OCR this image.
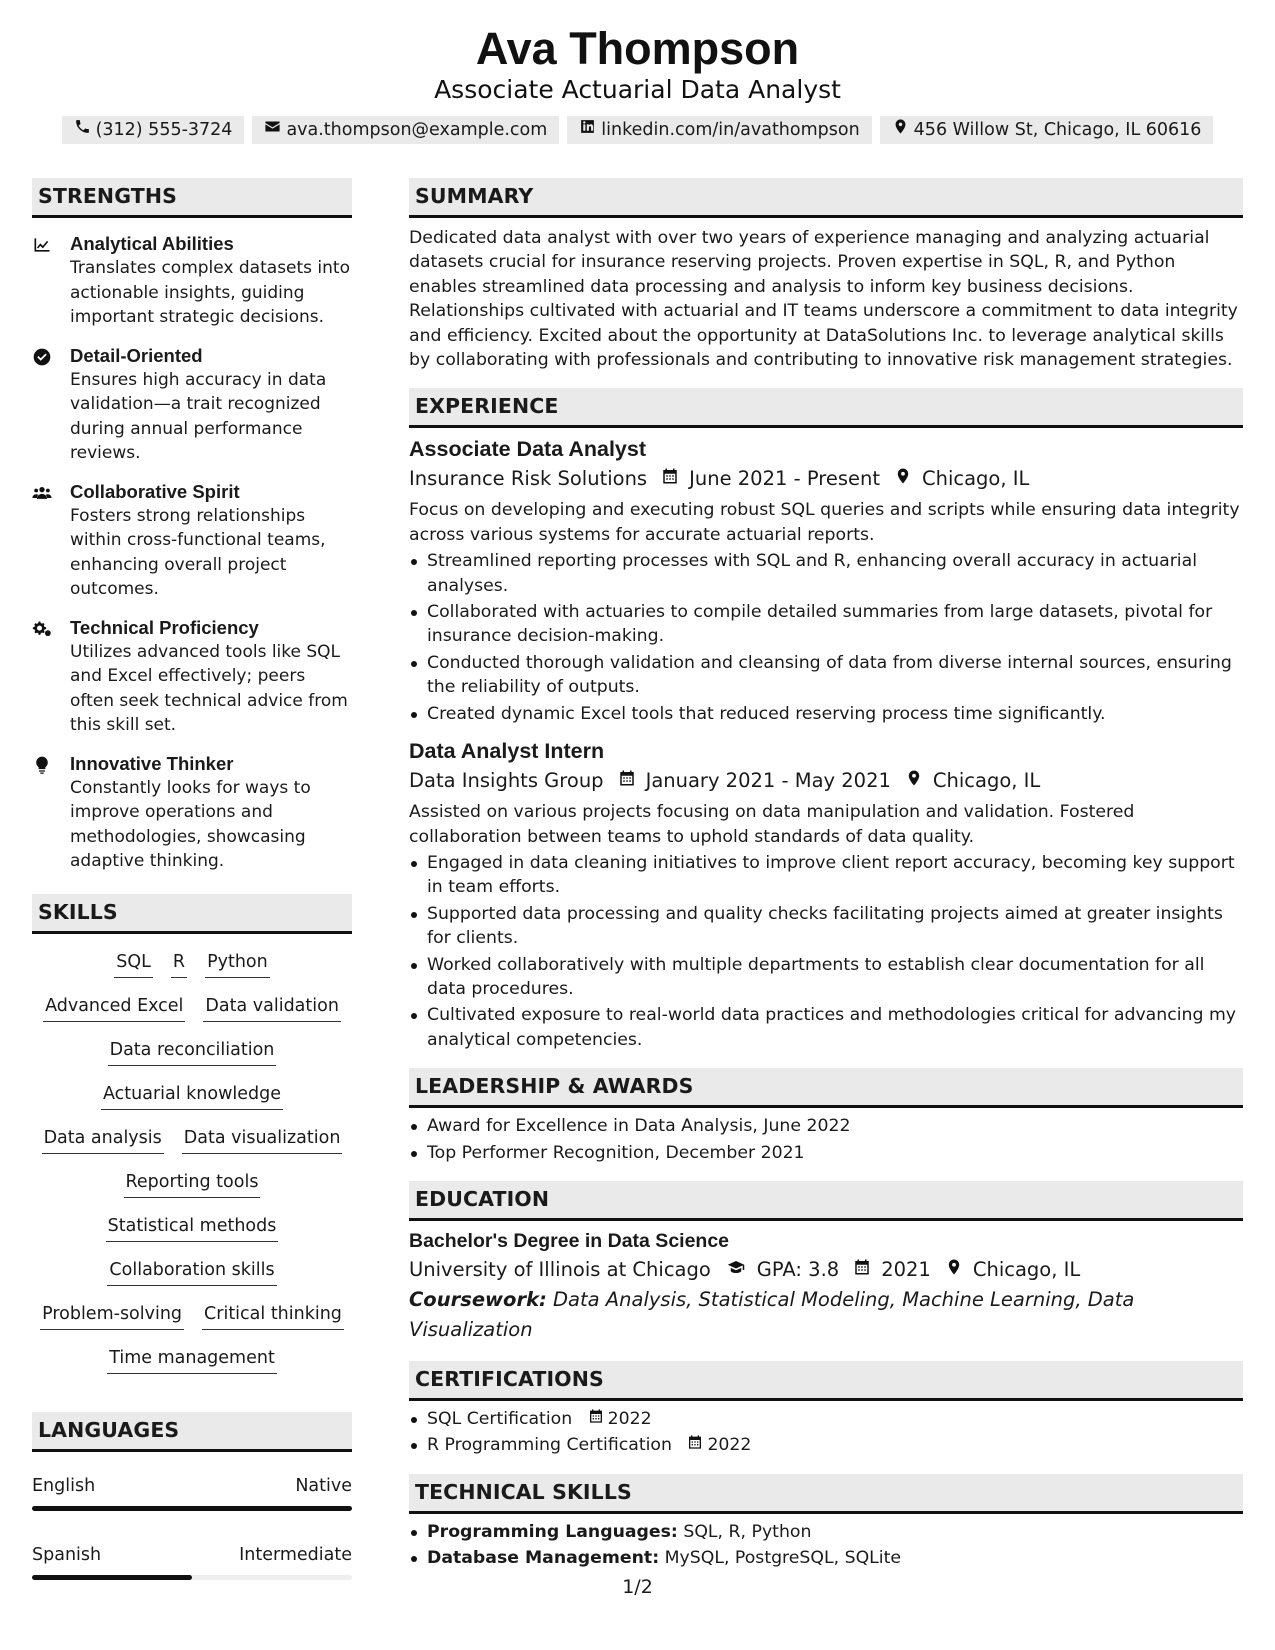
Ava Thompson
Associate Actuarial Data Analyst
(312) 555-3724	ava.thompson@example.com	linkedin.com/in/avathompson	456 Willow St, Chicago, IL 60616
STRENGTHS
Analytical Abilities
Translates complex datasets into actionable insights, guiding important strategic decisions.
Detail-Oriented
Ensures high accuracy in data validation—a trait recognized during annual performance reviews.
Collaborative Spirit
Fosters strong relationships within cross-functional teams, enhancing overall project outcomes.
Technical Proficiency
Utilizes advanced tools like SQL and Excel effectively; peers often seek technical advice from this skill set.
Innovative Thinker
Constantly looks for ways to improve operations and methodologies, showcasing adaptive thinking.
SKILLS
SQL R Python
Advanced Excel Data validation
Data reconciliation
Actuarial knowledge
Data analysis Data visualization
Reporting tools
Statistical methods
Collaboration skills
Problem-solving Critical thinking
Time management
LANGUAGES
English	Native
Spanish	Intermediate
SUMMARY
Dedicated data analyst with over two years of experience managing and analyzing actuarial datasets crucial for insurance reserving projects. Proven expertise in SQL, R, and Python enables streamlined data processing and analysis to inform key business decisions. Relationships cultivated with actuarial and IT teams underscore a commitment to data integrity and efficiency. Excited about the opportunity at DataSolutions Inc. to leverage analytical skills by collaborating with professionals and contributing to innovative risk management strategies.
EXPERIENCE
Associate Data Analyst
Insurance Risk Solutions June 2021 - Present Chicago, IL
Focus on developing and executing robust SQL queries and scripts while ensuring data integrity across various systems for accurate actuarial reports.
Streamlined reporting processes with SQL and R, enhancing overall accuracy in actuarial analyses.
Collaborated with actuaries to compile detailed summaries from large datasets, pivotal for insurance decision-making.
Conducted thorough validation and cleansing of data from diverse internal sources, ensuring the reliability of outputs.
Created dynamic Excel tools that reduced reserving process time significantly.
Data Analyst Intern
Data Insights Group January 2021 - May 2021 Chicago, IL
Assisted on various projects focusing on data manipulation and validation. Fostered collaboration between teams to uphold standards of data quality.
Engaged in data cleaning initiatives to improve client report accuracy, becoming key support in team efforts.
Supported data processing and quality checks facilitating projects aimed at greater insights for clients.
Worked collaboratively with multiple departments to establish clear documentation for all data procedures.
Cultivated exposure to real-world data practices and methodologies critical for advancing my analytical competencies.
LEADERSHIP & AWARDS
Award for Excellence in Data Analysis, June 2022
Top Performer Recognition, December 2021
EDUCATION
Bachelor's Degree in Data Science
University of Illinois at Chicago GPA: 3.8 2021 Chicago, IL
Coursework: Data Analysis, Statistical Modeling, Machine Learning, Data Visualization
CERTIFICATIONS
SQL Certification 2022
R Programming Certification 2022
TECHNICAL SKILLS
Programming Languages: SQL, R, Python
Database Management: MySQL, PostgreSQL, SQLite
1/2
